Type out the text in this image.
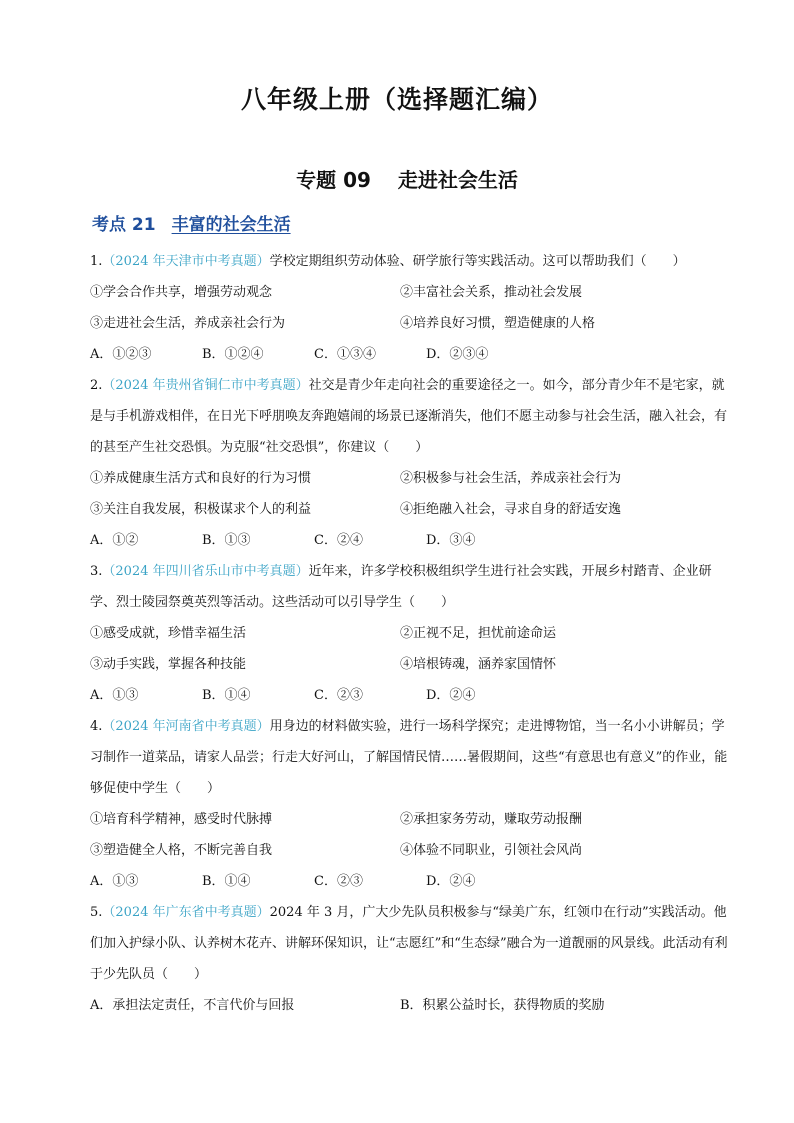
八年级上册（选择题汇编）
专题 09　 走进社会生活
考点 21 丰富的社会生活

1.（2024 年天津市中考真题）学校定期组织劳动体验、研学旅行等实践活动。这可以帮助我们（　　）

①学会合作共享，增强劳动观念	②丰富社会关系，推动社会发展
③走进社会生活，养成亲社会行为	④培养良好习惯，塑造健康的人格
A．①②③	B．①②④	C．①③④	D．②③④

2.（2024 年贵州省铜仁市中考真题）社交是青少年走向社会的重要途径之一。如今，部分青少年不是宅家，就是与手机游戏相伴，在日光下呼朋唤友奔跑嬉闹的场景已逐渐消失，他们不愿主动参与社会生活，融入社会，有的甚至产生社交恐惧。为克服“社交恐惧”，你建议（　　）

①养成健康生活方式和良好的行为习惯	②积极参与社会生活，养成亲社会行为
③关注自我发展，积极谋求个人的利益	④拒绝融入社会，寻求自身的舒适安逸
A．①②	B．①③	C．②④	D．③④

3.（2024 年四川省乐山市中考真题）近年来，许多学校积极组织学生进行社会实践，开展乡村踏青、企业研学、烈士陵园祭奠英烈等活动。这些活动可以引导学生（　　）

①感受成就，珍惜幸福生活	②正视不足，担忧前途命运
③动手实践，掌握各种技能	④培根铸魂，涵养家国情怀
A．①③	B．①④	C．②③	D．②④

4.（2024 年河南省中考真题）用身边的材料做实验，进行一场科学探究；走进博物馆，当一名小小讲解员；学习制作一道菜品，请家人品尝；行走大好河山，了解国情民情……暑假期间，这些“有意思也有意义”的作业，能够促使中学生（　　）

①培育科学精神，感受时代脉搏	②承担家务劳动，赚取劳动报酬
③塑造健全人格，不断完善自我	④体验不同职业，引领社会风尚
A．①③	B．①④	C．②③	D．②④

5.（2024 年广东省中考真题）2024 年 3 月，广大少先队员积极参与“绿美广东，红领巾在行动”实践活动。他们加入护绿小队、认养树木花卉、讲解环保知识，让“志愿红”和“生态绿”融合为一道靓丽的风景线。此活动有利于少先队员（　　）

A．承担法定责任，不言代价与回报	B．积累公益时长，获得物质的奖励
